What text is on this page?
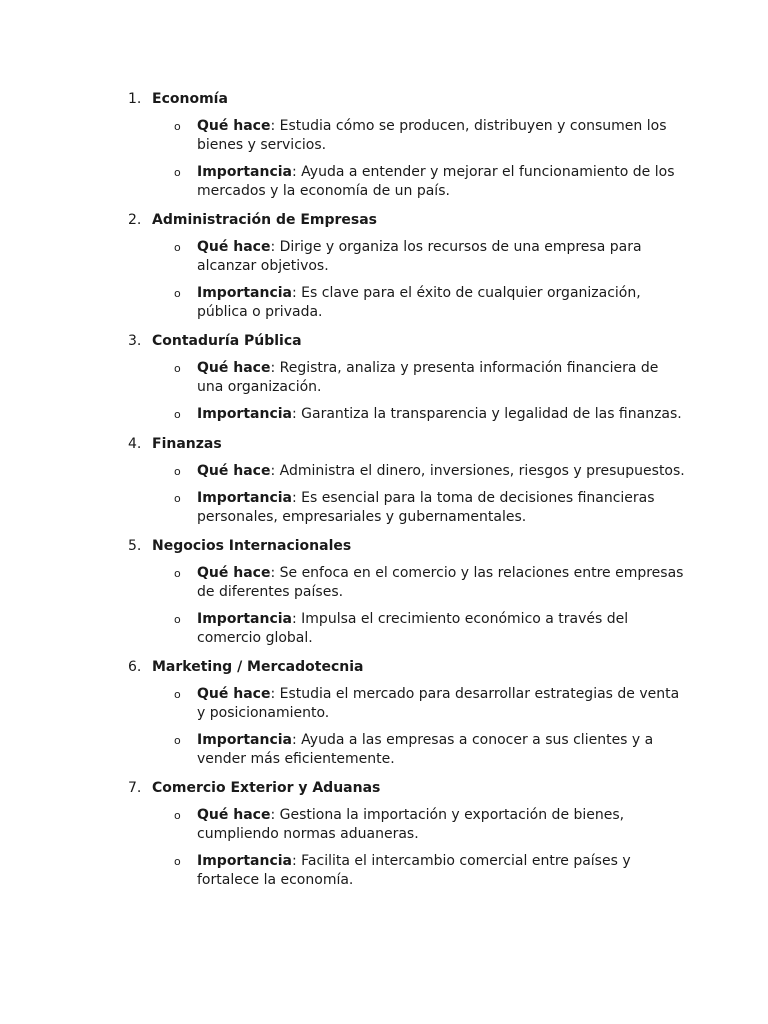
1. Economía
o Qué hace: Estudia cómo se producen, distribuyen y consumen los bienes y servicios.
o Importancia: Ayuda a entender y mejorar el funcionamiento de los mercados y la economía de un país.
2. Administración de Empresas
o Qué hace: Dirige y organiza los recursos de una empresa para alcanzar objetivos.
o Importancia: Es clave para el éxito de cualquier organización, pública o privada.
3. Contaduría Pública
o Qué hace: Registra, analiza y presenta información financiera de una organización.
o Importancia: Garantiza la transparencia y legalidad de las finanzas.
4. Finanzas
o Qué hace: Administra el dinero, inversiones, riesgos y presupuestos.
o Importancia: Es esencial para la toma de decisiones financieras personales, empresariales y gubernamentales.
5. Negocios Internacionales
o Qué hace: Se enfoca en el comercio y las relaciones entre empresas de diferentes países.
o Importancia: Impulsa el crecimiento económico a través del comercio global.
6. Marketing / Mercadotecnia
o Qué hace: Estudia el mercado para desarrollar estrategias de venta y posicionamiento.
o Importancia: Ayuda a las empresas a conocer a sus clientes y a vender más eficientemente.
7. Comercio Exterior y Aduanas
o Qué hace: Gestiona la importación y exportación de bienes, cumpliendo normas aduaneras.
o Importancia: Facilita el intercambio comercial entre países y fortalece la economía.
